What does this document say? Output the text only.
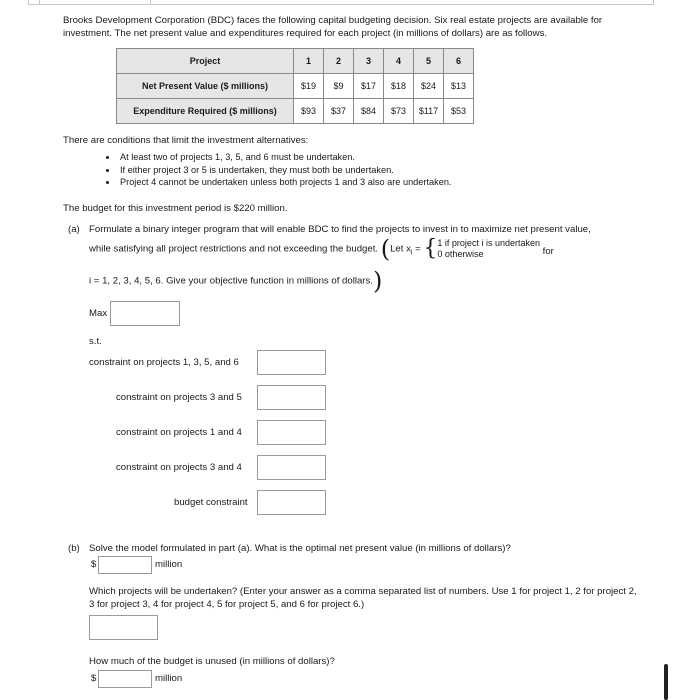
Brooks Development Corporation (BDC) faces the following capital budgeting decision. Six real estate projects are available for investment. The net present value and expenditures required for each project (in millions of dollars) are as follows.
Project	1	2	3	4	5	6
Net Present Value ($ millions)	$19	$9	$17	$18	$24	$13
Expenditure Required ($ millions)	$93	$37	$84	$73	$117	$53
There are conditions that limit the investment alternatives:
• At least two of projects 1, 3, 5, and 6 must be undertaken.
• If either project 3 or 5 is undertaken, they must both be undertaken.
• Project 4 cannot be undertaken unless both projects 1 and 3 also are undertaken.
The budget for this investment period is $220 million.
(a) Formulate a binary integer program that will enable BDC to find the projects to invest in to maximize net present value,
while satisfying all project restrictions and not exceeding the budget. (Let $x_i = \{1$ if project i is undertaken
0 otherwise	for
i = 1, 2, 3, 4, 5, 6. Give your objective function in millions of dollars.)
Max
s.t.
constraint on projects 1, 3, 5, and 6
constraint on projects 3 and 5
constraint on projects 1 and 4
constraint on projects 3 and 4
budget constraint
(b) Solve the model formulated in part (a). What is the optimal net present value (in millions of dollars)?
$	million
Which projects will be undertaken? (Enter your answer as a comma separated list of numbers. Use 1 for project 1, 2 for project 2, 3 for project 3, 4 for project 4, 5 for project 5, and 6 for project 6.)
How much of the budget is unused (in millions of dollars)?
$	million
